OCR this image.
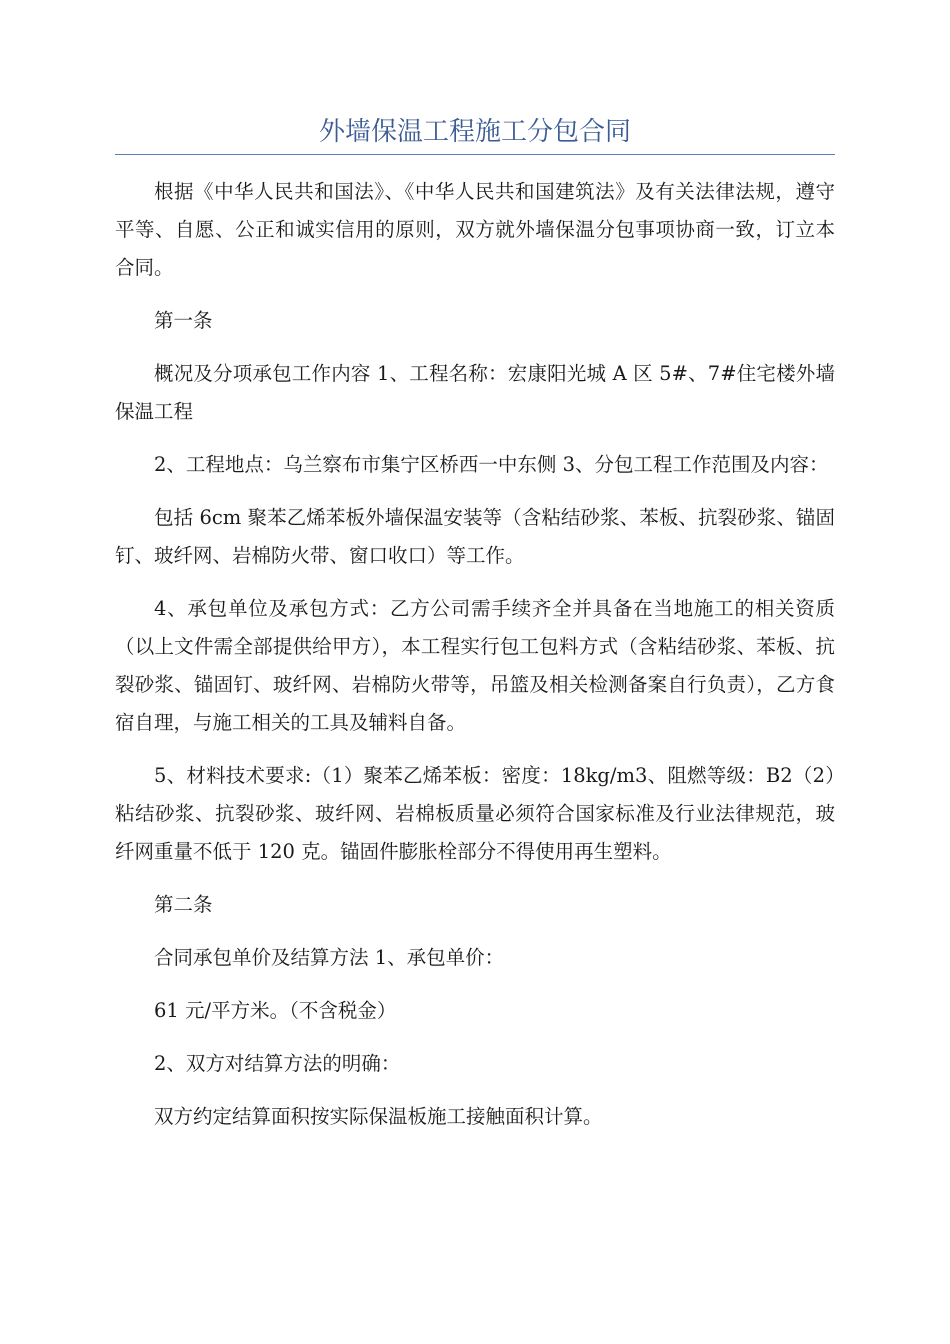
外墙保温工程施工分包合同

根据《中华人民共和国法》、《中华人民共和国建筑法》及有关法律法规，遵守平等、自愿、公正和诚实信用的原则，双方就外墙保温分包事项协商一致，订立本合同。

第一条

概况及分项承包工作内容 1、工程名称：宏康阳光城 A 区 5#、7#住宅楼外墙保温工程

2、工程地点：乌兰察布市集宁区桥西一中东侧 3、分包工程工作范围及内容：

包括 6cm 聚苯乙烯苯板外墙保温安装等（含粘结砂浆、苯板、抗裂砂浆、锚固钉、玻纤网、岩棉防火带、窗口收口）等工作。

4、承包单位及承包方式：乙方公司需手续齐全并具备在当地施工的相关资质（以上文件需全部提供给甲方），本工程实行包工包料方式（含粘结砂浆、苯板、抗裂砂浆、锚固钉、玻纤网、岩棉防火带等，吊篮及相关检测备案自行负责），乙方食宿自理，与施工相关的工具及辅料自备。

5、材料技术要求:（1）聚苯乙烯苯板：密度：18kg/m3、阻燃等级：B2（2）粘结砂浆、抗裂砂浆、玻纤网、岩棉板质量必须符合国家标准及行业法律规范，玻纤网重量不低于 120 克。锚固件膨胀栓部分不得使用再生塑料。

第二条

合同承包单价及结算方法 1、承包单价：

61 元/平方米。（不含税金）

2、双方对结算方法的明确：

双方约定结算面积按实际保温板施工接触面积计算。
